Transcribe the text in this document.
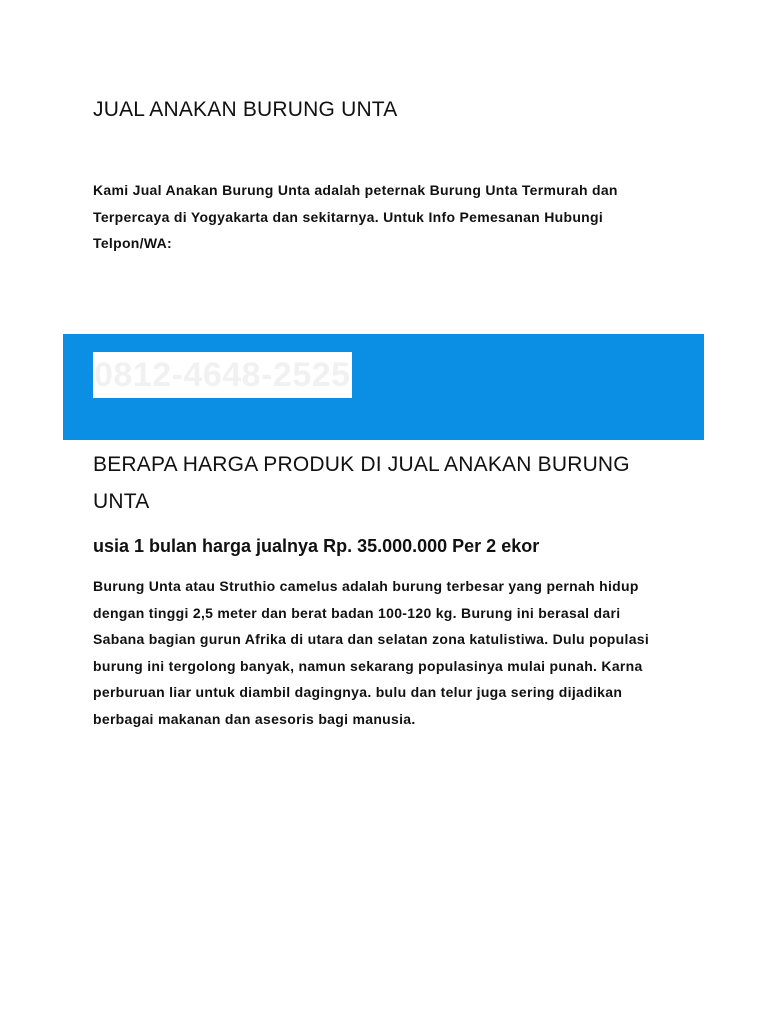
JUAL ANAKAN BURUNG UNTA

Kami Jual Anakan Burung Unta adalah peternak Burung Unta Termurah dan Terpercaya di Yogyakarta dan sekitarnya. Untuk Info Pemesanan Hubungi Telpon/WA:

0812-4648-2525
BERAPA HARGA PRODUK DI JUAL ANAKAN BURUNG UNTA
usia 1 bulan harga jualnya Rp. 35.000.000 Per 2 ekor

Burung Unta atau Struthio camelus adalah burung terbesar yang pernah hidup dengan tinggi 2,5 meter dan berat badan 100-120 kg. Burung ini berasal dari Sabana bagian gurun Afrika di utara dan selatan zona katulistiwa. Dulu populasi burung ini tergolong banyak, namun sekarang populasinya mulai punah. Karna perburuan liar untuk diambil dagingnya. bulu dan telur juga sering dijadikan berbagai makanan dan asesoris bagi manusia.
